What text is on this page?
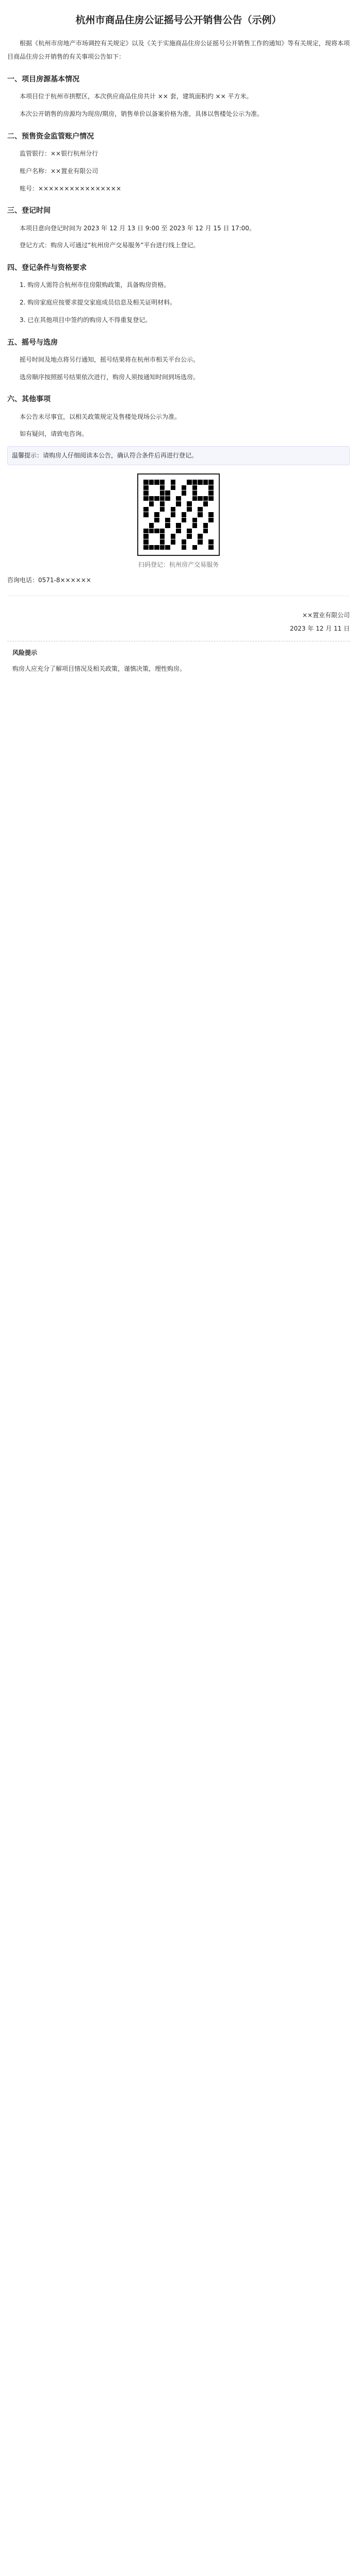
杭州市商品住房公证摇号公开销售公告（示例）

根据《杭州市房地产市场调控有关规定》以及《关于实施商品住房公证摇号公开销售工作的通知》等有关规定，现将本项目商品住房公开销售的有关事项公告如下：

一、项目房源基本情况

本项目位于杭州市拱墅区，本次供应商品住房共计 ×× 套，建筑面积约 ×× 平方米。

本次公开销售的房源均为现房/期房，销售单价以备案价格为准，具体以售楼处公示为准。

二、预售资金监管账户情况

监管银行：××银行杭州分行

账户名称：××置业有限公司

账号：××××××××××××××××

三、登记时间

本项目意向登记时间为 2023 年 12 月 13 日 9:00 至 2023 年 12 月 15 日 17:00。

登记方式：购房人可通过“杭州房产交易服务”平台进行线上登记。

四、登记条件与资格要求

1. 购房人需符合杭州市住房限购政策，具备购房资格。

2. 购房家庭应按要求提交家庭成员信息及相关证明材料。

3. 已在其他项目中签约的购房人不得重复登记。

五、摇号与选房

摇号时间及地点将另行通知，摇号结果将在杭州市相关平台公示。

选房顺序按照摇号结果依次进行，购房人须按通知时间到场选房。

六、其他事项

本公告未尽事宜，以相关政策规定及售楼处现场公示为准。

如有疑问，请致电咨询。

温馨提示：请购房人仔细阅读本公告，确认符合条件后再进行登记。
扫码登记：杭州房产交易服务

咨询电话：0571-8××××××

××置业有限公司
2023 年 12 月 11 日
风险提示
购房人应充分了解项目情况及相关政策，谨慎决策，理性购房。
